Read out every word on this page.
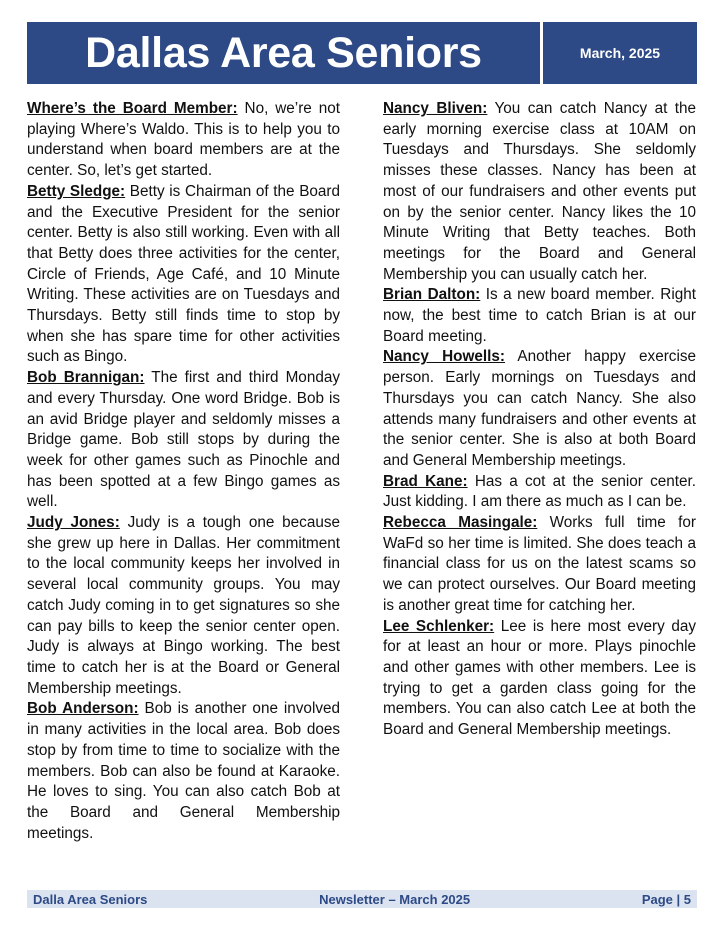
Dallas Area Seniors	March, 2025

Where’s the Board Member: No, we’re not playing Where’s Waldo. This is to help you to understand when board members are at the center. So, let’s get started.

Betty Sledge: Betty is Chairman of the Board and the Executive President for the senior center. Betty is also still working. Even with all that Betty does three activities for the center, Circle of Friends, Age Café, and 10 Minute Writing. These activities are on Tuesdays and Thursdays. Betty still finds time to stop by when she has spare time for other activities such as Bingo.

Bob Brannigan: The first and third Monday and every Thursday. One word Bridge. Bob is an avid Bridge player and seldomly misses a Bridge game. Bob still stops by during the week for other games such as Pinochle and has been spotted at a few Bingo games as well.

Judy Jones: Judy is a tough one because she grew up here in Dallas. Her commitment to the local community keeps her involved in several local community groups. You may catch Judy coming in to get signatures so she can pay bills to keep the senior center open. Judy is always at Bingo working. The best time to catch her is at the Board or General Membership meetings.

Bob Anderson: Bob is another one involved in many activities in the local area. Bob does stop by from time to time to socialize with the members. Bob can also be found at Karaoke. He loves to sing. You can also catch Bob at the Board and General Membership meetings.

Nancy Bliven: You can catch Nancy at the early morning exercise class at 10AM on Tuesdays and Thursdays. She seldomly misses these classes. Nancy has been at most of our fundraisers and other events put on by the senior center. Nancy likes the 10 Minute Writing that Betty teaches. Both meetings for the Board and General Membership you can usually catch her.

Brian Dalton: Is a new board member. Right now, the best time to catch Brian is at our Board meeting.

Nancy Howells: Another happy exercise person. Early mornings on Tuesdays and Thursdays you can catch Nancy. She also attends many fundraisers and other events at the senior center. She is also at both Board and General Membership meetings.

Brad Kane: Has a cot at the senior center. Just kidding. I am there as much as I can be.

Rebecca Masingale: Works full time for WaFd so her time is limited. She does teach a financial class for us on the latest scams so we can protect ourselves. Our Board meeting is another great time for catching her.

Lee Schlenker: Lee is here most every day for at least an hour or more. Plays pinochle and other games with other members. Lee is trying to get a garden class going for the members. You can also catch Lee at both the Board and General Membership meetings.

Dalla Area Seniors	Newsletter – March 2025	Page | 5
